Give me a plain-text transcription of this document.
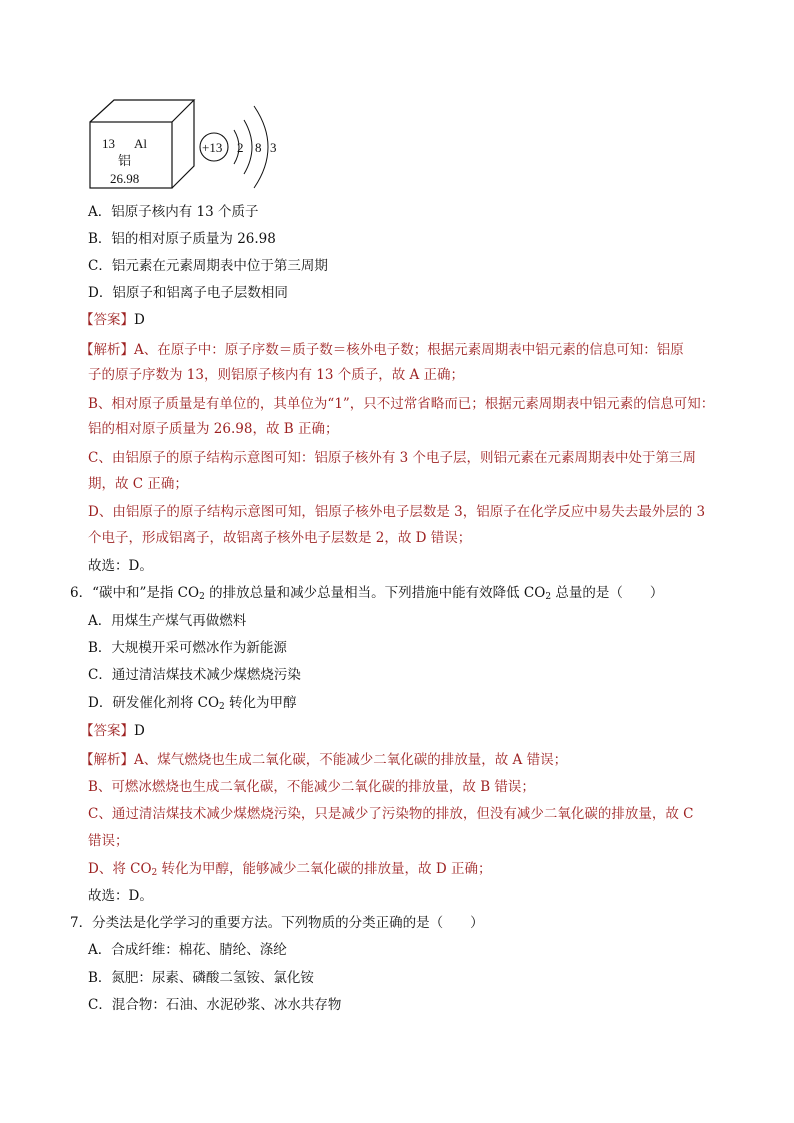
13 Al
铝
26.98
+13 2 8 3
A．铝原子核内有 13 个质子
B．铝的相对原子质量为 26.98
C．铝元素在元素周期表中位于第三周期
D．铝原子和铝离子电子层数相同
【答案】D
【解析】A、在原子中：原子序数＝质子数＝核外电子数；根据元素周期表中铝元素的信息可知：铝原
子的原子序数为 13，则铝原子核内有 13 个质子，故 A 正确；
B、相对原子质量是有单位的，其单位为“1”，只不过常省略而已；根据元素周期表中铝元素的信息可知：
铝的相对原子质量为 26.98，故 B 正确；
C、由铝原子的原子结构示意图可知：铝原子核外有 3 个电子层，则铝元素在元素周期表中处于第三周
期，故 C 正确；
D、由铝原子的原子结构示意图可知，铝原子核外电子层数是 3，铝原子在化学反应中易失去最外层的 3
个电子，形成铝离子，故铝离子核外电子层数是 2，故 D 错误；
故选：D。
6．“碳中和”是指 $CO_2$ 的排放总量和减少总量相当。下列措施中能有效降低 $CO_2$ 总量的是（　　）
A．用煤生产煤气再做燃料
B．大规模开采可燃冰作为新能源
C．通过清洁煤技术减少煤燃烧污染
D．研发催化剂将 $CO_2$ 转化为甲醇
【答案】D
【解析】A、煤气燃烧也生成二氧化碳，不能减少二氧化碳的排放量，故 A 错误；
B、可燃冰燃烧也生成二氧化碳，不能减少二氧化碳的排放量，故 B 错误；
C、通过清洁煤技术减少煤燃烧污染，只是减少了污染物的排放，但没有减少二氧化碳的排放量，故 C
错误；
D、将 $CO_2$ 转化为甲醇，能够减少二氧化碳的排放量，故 D 正确；
故选：D。
7．分类法是化学学习的重要方法。下列物质的分类正确的是（　　）
A．合成纤维：棉花、腈纶、涤纶
B．氮肥：尿素、磷酸二氢铵、氯化铵
C．混合物：石油、水泥砂浆、冰水共存物
